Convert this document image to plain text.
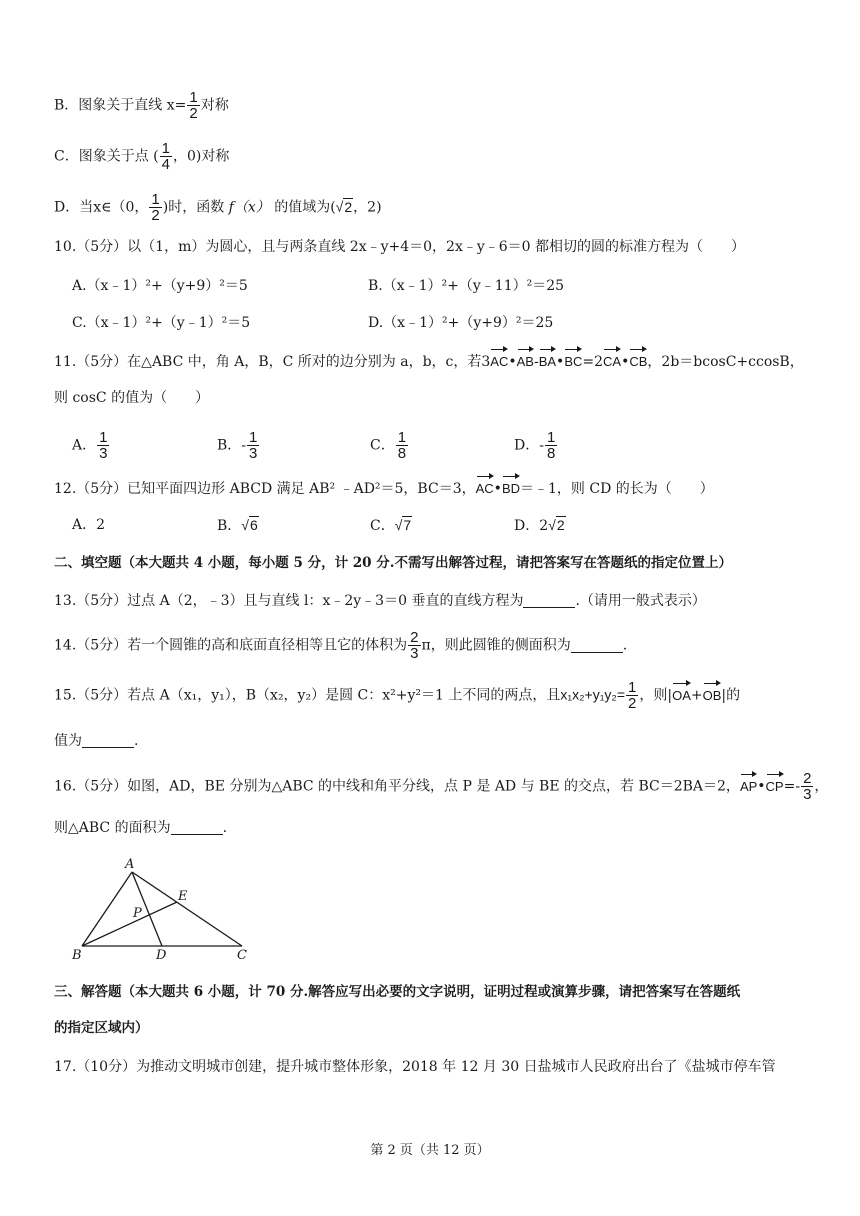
B．图象关于直线 $x= \frac{1}{2}$ 对称
C．图象关于点 ( $\frac{1}{4}$ ，0)对称
D．当x∈（0， $\frac{1}{2}$ )时，函数 f（x） 的值域为(√2，2)
10.（5分）以（1，m）为圆心，且与两条直线 2x﹣y+4＝0，2x﹣y﹣6＝0 都相切的圆的标准方程为（　　）
A.（x﹣1）²+（y+9）²＝5	B.（x﹣1）²+（y﹣11）²＝25
C.（x﹣1）²+（y﹣1）²＝5	D.（x﹣1）²+（y+9）²＝25
11.（5分）在△ABC 中，角 A，B，C 所对的边分别为 a，b，c，若3AC•AB-BA•BC=2CA•CB，2b＝bcosC+ccosB，
则 cosC 的值为（　　）
A． $\frac{1}{3}$	B．- $\frac{1}{3}$	C． $\frac{1}{8}$	D．- $\frac{1}{8}$
12.（5分）已知平面四边形 ABCD 满足 AB² ﹣AD²＝5，BC＝3，AC•BD＝﹣1，则 CD 的长为（　　）
A．2	B．√6	C．√7	D．2√2
二、填空题（本大题共 4 小题，每小题 5 分，计 20 分.不需写出解答过程，请把答案写在答题纸的指定位置上）
13.（5分）过点 A（2，﹣3）且与直线 l：x﹣2y﹣3＝0 垂直的直线方程为	.（请用一般式表示）
14.（5分）若一个圆锥的高和底面直径相等且它的体积为 $\frac{2}{3}$ π，则此圆锥的侧面积为	.
15.（5分）若点 A（x₁，y₁），B（x₂，y₂）是圆 C：x²+y²＝1 上不同的两点，且$x_1x_2+y_1y_2= \frac{1}{2}$ ，则|OA+OB|的
值为	.
16.（5分）如图，AD，BE 分别为△ABC 的中线和角平分线，点 P 是 AD 与 BE 的交点，若 BC＝2BA＝2，AP•CP=- $\frac{2}{3}$ ，
则△ABC 的面积为	.
A
B	C
D
E
P
三、解答题（本大题共 6 小题，计 70 分.解答应写出必要的文字说明，证明过程或演算步骤，请把答案写在答题纸
的指定区域内）
17.（10分）为推动文明城市创建，提升城市整体形象，2018 年 12 月 30 日盐城市人民政府出台了《盐城市停车管
第 2 页（共 12 页）
